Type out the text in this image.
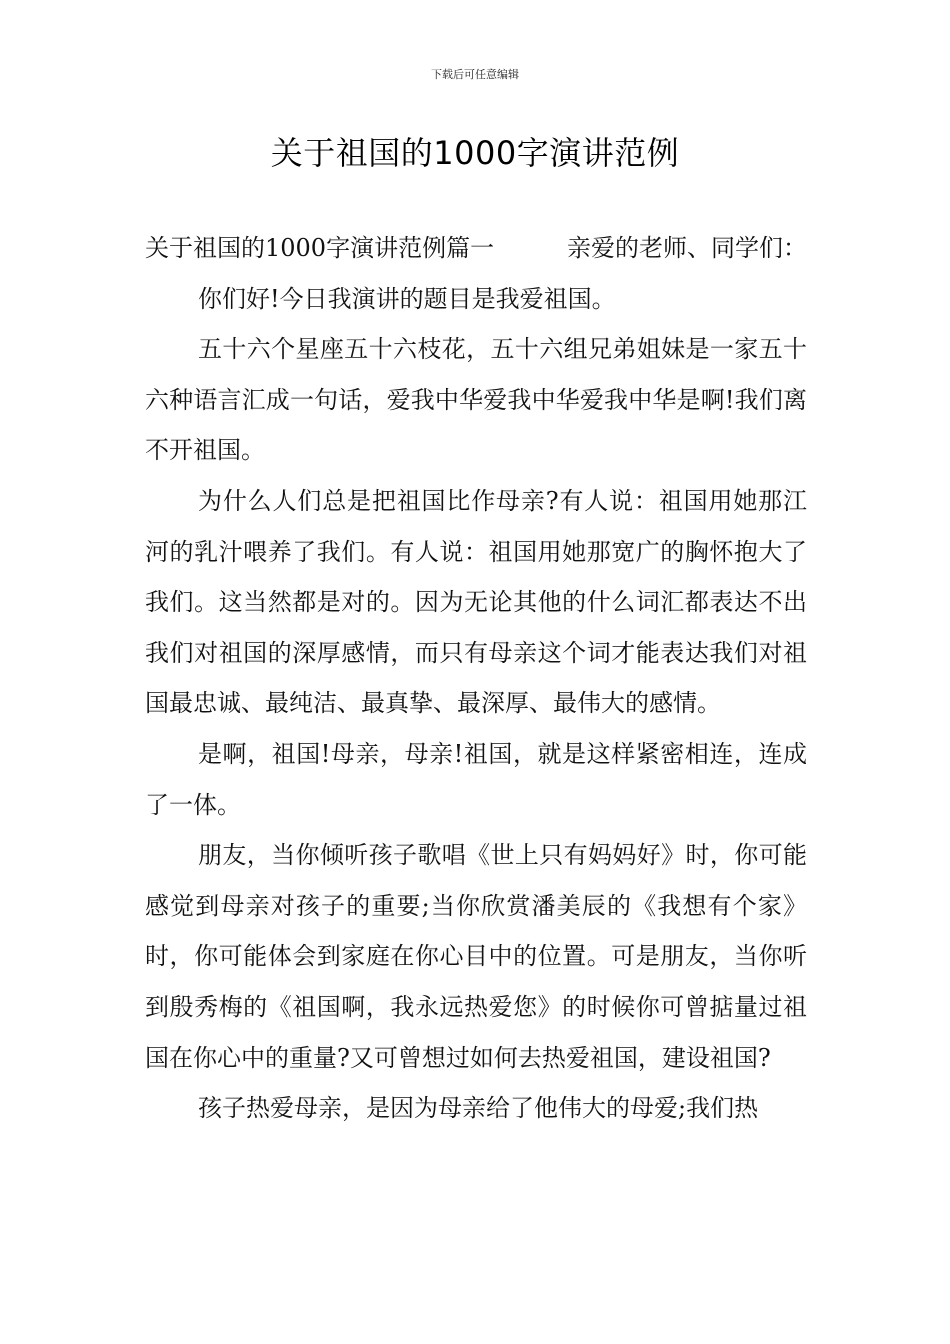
下载后可任意编辑
关于祖国的1000字演讲范例

关于祖国的1000字演讲范例篇一	亲爱的老师、同学们：

你们好!今日我演讲的题目是我爱祖国。

五十六个星座五十六枝花，五十六组兄弟姐妹是一家五十六种语言汇成一句话，爱我中华爱我中华爱我中华是啊!我们离不开祖国。

为什么人们总是把祖国比作母亲?有人说：祖国用她那江河的乳汁喂养了我们。有人说：祖国用她那宽广的胸怀抱大了我们。这当然都是对的。因为无论其他的什么词汇都表达不出我们对祖国的深厚感情，而只有母亲这个词才能表达我们对祖国最忠诚、最纯洁、最真挚、最深厚、最伟大的感情。

是啊，祖国!母亲，母亲!祖国，就是这样紧密相连，连成了一体。

朋友，当你倾听孩子歌唱《世上只有妈妈好》时，你可能感觉到母亲对孩子的重要;当你欣赏潘美辰的《我想有个家》时，你可能体会到家庭在你心目中的位置。可是朋友，当你听到殷秀梅的《祖国啊，我永远热爱您》的时候你可曾掂量过祖国在你心中的重量?又可曾想过如何去热爱祖国，建设祖国?

孩子热爱母亲，是因为母亲给了他伟大的母爱;我们热
